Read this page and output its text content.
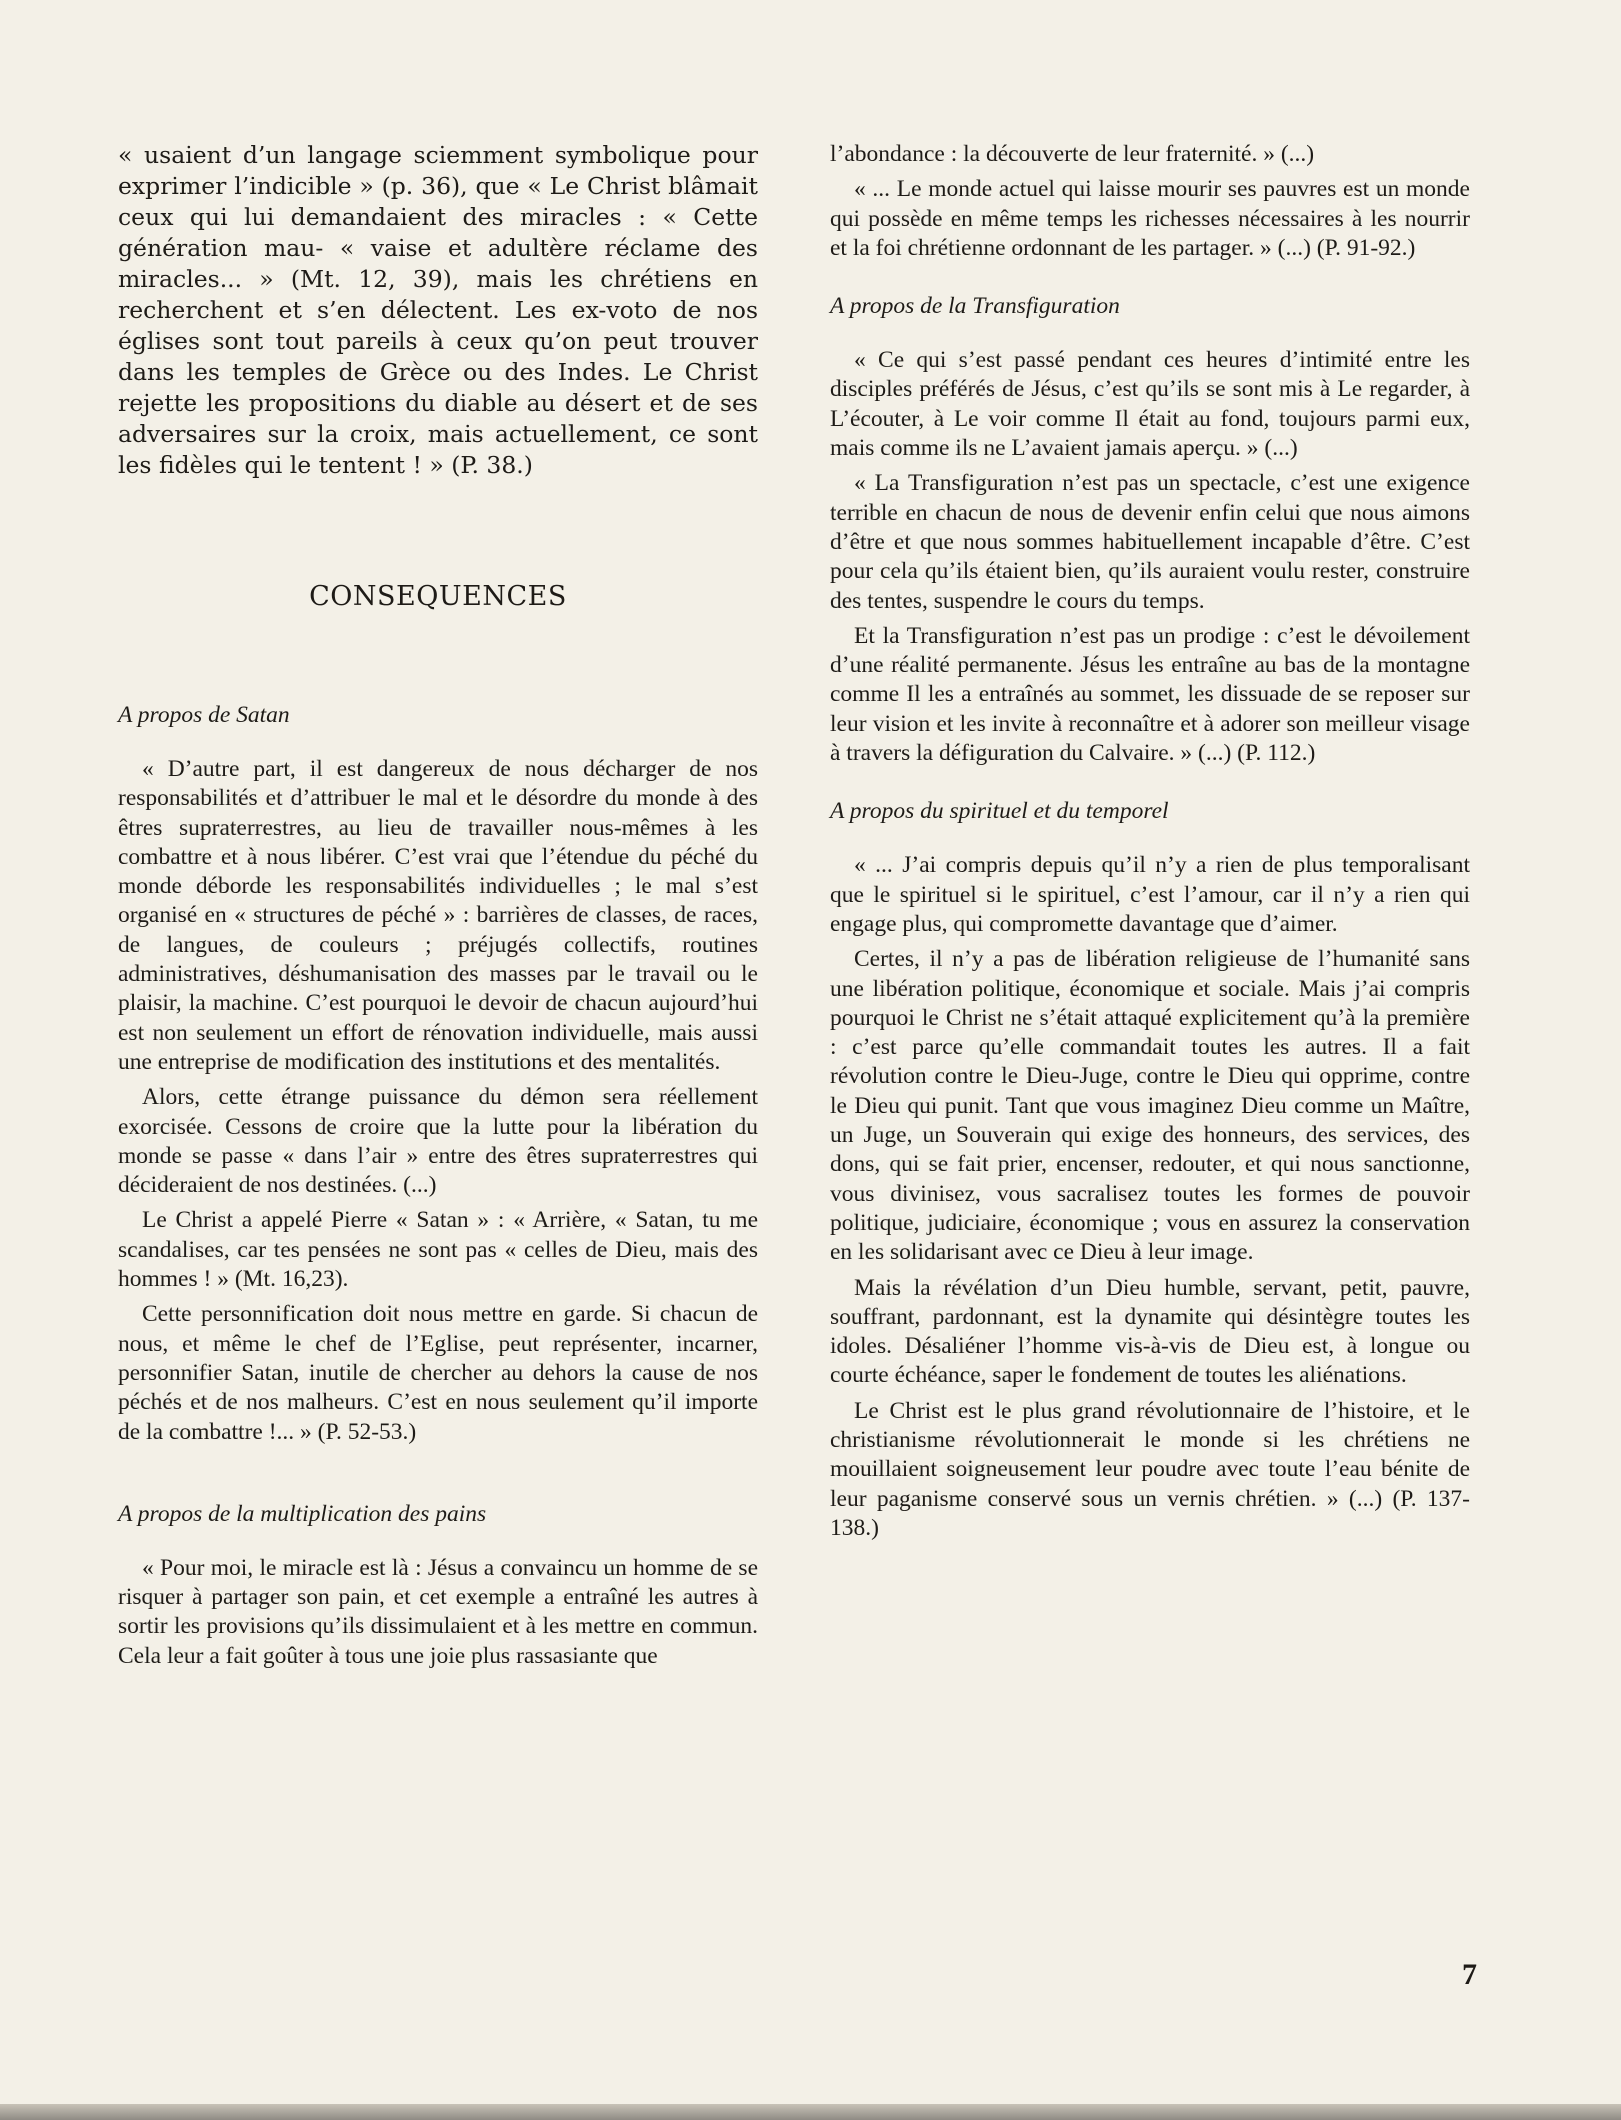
« usaient d’un langage sciemment symbolique pour exprimer l’indicible » (p. 36), que « Le Christ blâmait ceux qui lui demandaient des miracles : « Cette génération mau- « vaise et adultère réclame des miracles... » (Mt. 12, 39), mais les chrétiens en recherchent et s’en délectent. Les ex-voto de nos églises sont tout pareils à ceux qu’on peut trouver dans les temples de Grèce ou des Indes. Le Christ rejette les propositions du diable au désert et de ses adversaires sur la croix, mais actuellement, ce sont les fidèles qui le tentent ! » (P. 38.)

CONSEQUENCES
A propos de Satan

« D’autre part, il est dangereux de nous décharger de nos responsabilités et d’attribuer le mal et le désordre du monde à des êtres supraterrestres, au lieu de travailler nous-mêmes à les combattre et à nous libérer. C’est vrai que l’étendue du péché du monde déborde les responsabilités individuelles ; le mal s’est organisé en « structures de péché » : barrières de classes, de races, de langues, de couleurs ; préjugés collectifs, routines administratives, déshumanisation des masses par le travail ou le plaisir, la machine. C’est pourquoi le devoir de chacun aujourd’hui est non seulement un effort de rénovation individuelle, mais aussi une entreprise de modification des institutions et des mentalités.

Alors, cette étrange puissance du démon sera réellement exorcisée. Cessons de croire que la lutte pour la libération du monde se passe « dans l’air » entre des êtres supraterrestres qui décideraient de nos destinées. (...)

Le Christ a appelé Pierre « Satan » : « Arrière, « Satan, tu me scandalises, car tes pensées ne sont pas « celles de Dieu, mais des hommes ! » (Mt. 16,23).

Cette personnification doit nous mettre en garde. Si chacun de nous, et même le chef de l’Eglise, peut représenter, incarner, personnifier Satan, inutile de chercher au dehors la cause de nos péchés et de nos malheurs. C’est en nous seulement qu’il importe de la combattre !... » (P. 52-53.)

A propos de la multiplication des pains

« Pour moi, le miracle est là : Jésus a convaincu un homme de se risquer à partager son pain, et cet exemple a entraîné les autres à sortir les provisions qu’ils dissimulaient et à les mettre en commun. Cela leur a fait goûter à tous une joie plus rassasiante que

l’abondance : la découverte de leur fraternité. » (...)

« ... Le monde actuel qui laisse mourir ses pauvres est un monde qui possède en même temps les richesses nécessaires à les nourrir et la foi chrétienne ordonnant de les partager. » (...) (P. 91-92.)

A propos de la Transfiguration

« Ce qui s’est passé pendant ces heures d’intimité entre les disciples préférés de Jésus, c’est qu’ils se sont mis à Le regarder, à L’écouter, à Le voir comme Il était au fond, toujours parmi eux, mais comme ils ne L’avaient jamais aperçu. » (...)

« La Transfiguration n’est pas un spectacle, c’est une exigence terrible en chacun de nous de devenir enfin celui que nous aimons d’être et que nous sommes habituellement incapable d’être. C’est pour cela qu’ils étaient bien, qu’ils auraient voulu rester, construire des tentes, suspendre le cours du temps.

Et la Transfiguration n’est pas un prodige : c’est le dévoilement d’une réalité permanente. Jésus les entraîne au bas de la montagne comme Il les a entraînés au sommet, les dissuade de se reposer sur leur vision et les invite à reconnaître et à adorer son meilleur visage à travers la défiguration du Calvaire. » (...) (P. 112.)

A propos du spirituel et du temporel

« ... J’ai compris depuis qu’il n’y a rien de plus temporalisant que le spirituel si le spirituel, c’est l’amour, car il n’y a rien qui engage plus, qui compromette davantage que d’aimer.

Certes, il n’y a pas de libération religieuse de l’humanité sans une libération politique, économique et sociale. Mais j’ai compris pourquoi le Christ ne s’était attaqué explicitement qu’à la première : c’est parce qu’elle commandait toutes les autres. Il a fait révolution contre le Dieu-Juge, contre le Dieu qui opprime, contre le Dieu qui punit. Tant que vous imaginez Dieu comme un Maître, un Juge, un Souverain qui exige des honneurs, des services, des dons, qui se fait prier, encenser, redouter, et qui nous sanctionne, vous divinisez, vous sacralisez toutes les formes de pouvoir politique, judiciaire, économique ; vous en assurez la conservation en les solidarisant avec ce Dieu à leur image.

Mais la révélation d’un Dieu humble, servant, petit, pauvre, souffrant, pardonnant, est la dynamite qui désintègre toutes les idoles. Désaliéner l’homme vis-à-vis de Dieu est, à longue ou courte échéance, saper le fondement de toutes les aliénations.

Le Christ est le plus grand révolutionnaire de l’histoire, et le christianisme révolutionnerait le monde si les chrétiens ne mouillaient soigneusement leur poudre avec toute l’eau bénite de leur paganisme conservé sous un vernis chrétien. » (...) (P. 137-138.)

7
